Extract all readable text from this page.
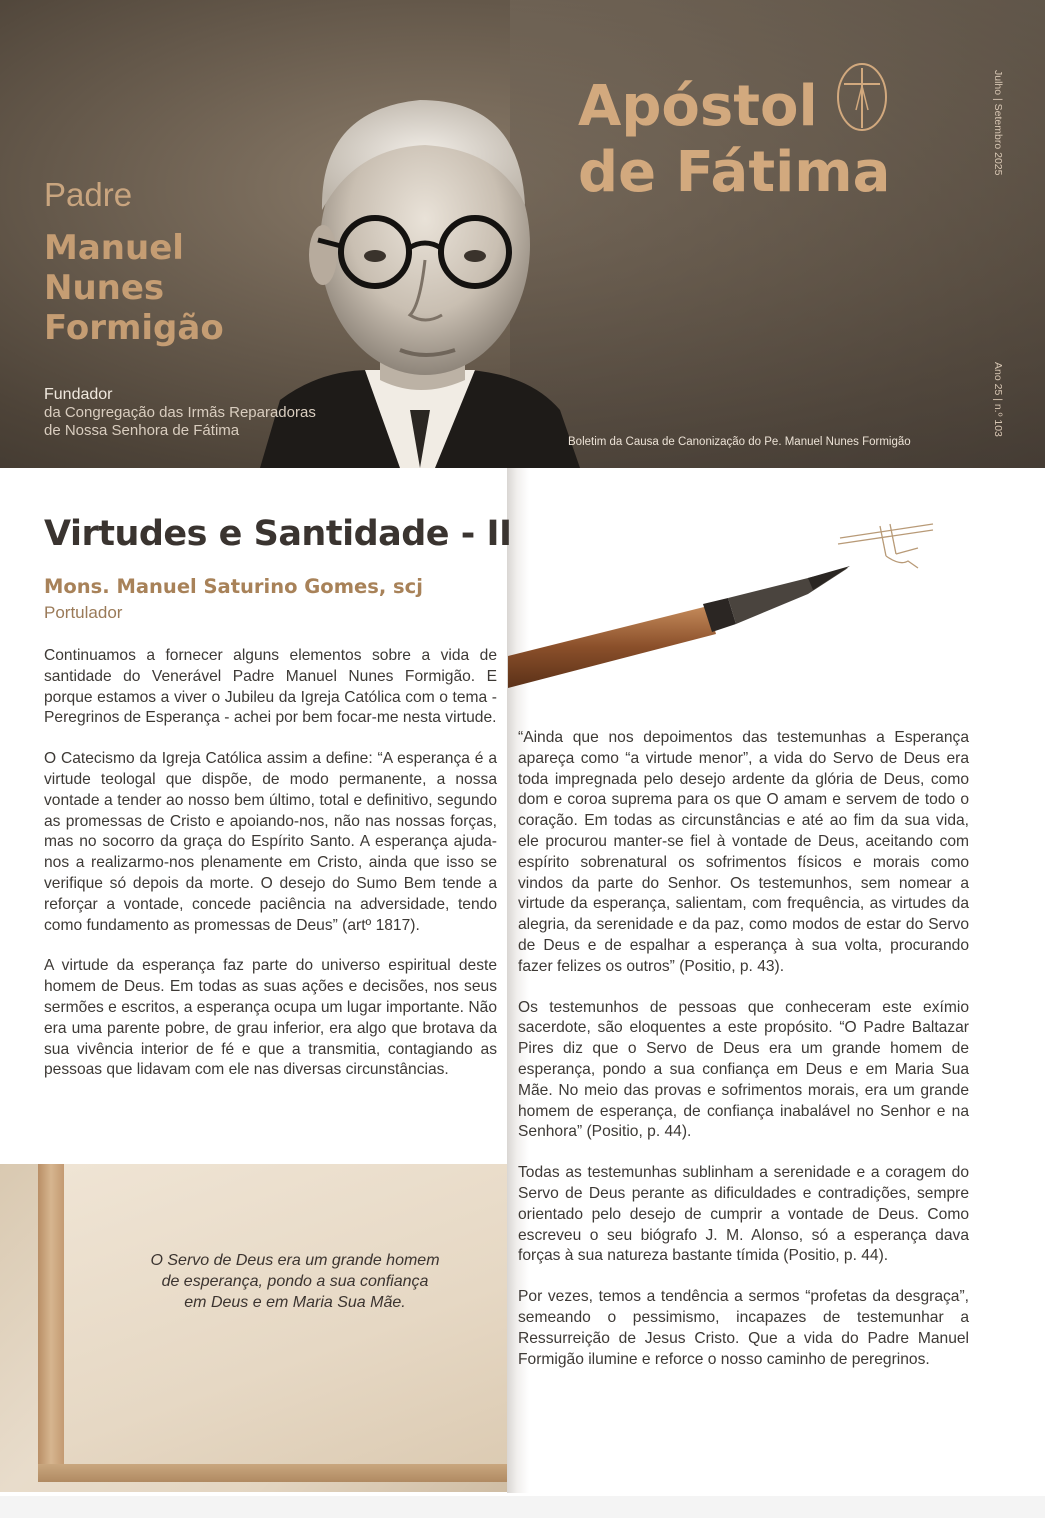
Padre
Manuel
Nunes
Formigão
Fundador
da Congregação das Irmãs Reparadoras
de Nossa Senhora de Fátima
Apóstol
de Fátima	Julho | Setembro 2025
Ano 25 | n.º 103
Boletim da Causa de Canonização do Pe. Manuel Nunes Formigão
Virtudes e Santidade - II
Mons. Manuel Saturino Gomes, scj
Portulador

Continuamos a fornecer alguns elementos sobre a vida de santidade do Venerável Padre Manuel Nunes Formigão. E porque estamos a viver o Jubileu da Igreja Católica com o tema - Peregrinos de Esperança - achei por bem focar-me nesta virtude.

O Catecismo da Igreja Católica assim a define: “A esperança é a virtude teologal que dispõe, de modo permanente, a nossa vontade a tender ao nosso bem último, total e definitivo, segundo as promessas de Cristo e apoiando-nos, não nas nossas forças, mas no socorro da graça do Espírito Santo. A esperança ajuda-nos a realizarmo-nos plenamente em Cristo, ainda que isso se verifique só depois da morte. O desejo do Sumo Bem tende a reforçar a vontade, concede paciência na adversidade, tendo como fundamento as promessas de Deus” (artº 1817).

A virtude da esperança faz parte do universo espiritual deste homem de Deus. Em todas as suas ações e decisões, nos seus sermões e escritos, a esperança ocupa um lugar importante. Não era uma parente pobre, de grau inferior, era algo que brotava da sua vivência interior de fé e que a transmitia, contagiando as pessoas que lidavam com ele nas diversas circunstâncias.

“Ainda que nos depoimentos das testemunhas a Esperança apareça como “a virtude menor”, a vida do Servo de Deus era toda impregnada pelo desejo ardente da glória de Deus, como dom e coroa suprema para os que O amam e servem de todo o coração. Em todas as circunstâncias e até ao fim da sua vida, ele procurou manter-se fiel à vontade de Deus, aceitando com espírito sobrenatural os sofrimentos físicos e morais como vindos da parte do Senhor. Os testemunhos, sem nomear a virtude da esperança, salientam, com frequência, as virtudes da alegria, da serenidade e da paz, como modos de estar do Servo de Deus e de espalhar a esperança à sua volta, procurando fazer felizes os outros” (Positio, p. 43).

Os testemunhos de pessoas que conheceram este exímio sacerdote, são eloquentes a este propósito. “O Padre Baltazar Pires diz que o Servo de Deus era um grande homem de esperança, pondo a sua confiança em Deus e em Maria Sua Mãe. No meio das provas e sofrimentos morais, era um grande homem de esperança, de confiança inabalável no Senhor e na Senhora” (Positio, p. 44).

Todas as testemunhas sublinham a serenidade e a coragem do Servo de Deus perante as dificuldades e contradições, sempre orientado pelo desejo de cumprir a vontade de Deus. Como escreveu o seu biógrafo J. M. Alonso, só a esperança dava forças à sua natureza bastante tímida (Positio, p. 44).

Por vezes, temos a tendência a sermos “profetas da desgraça”, semeando o pessimismo, incapazes de testemunhar a Ressurreição de Jesus Cristo. Que a vida do Padre Manuel Formigão ilumine e reforce o nosso caminho de peregrinos.

O Servo de Deus era um grande homem
de esperança, pondo a sua confiança
em Deus e em Maria Sua Mãe.
